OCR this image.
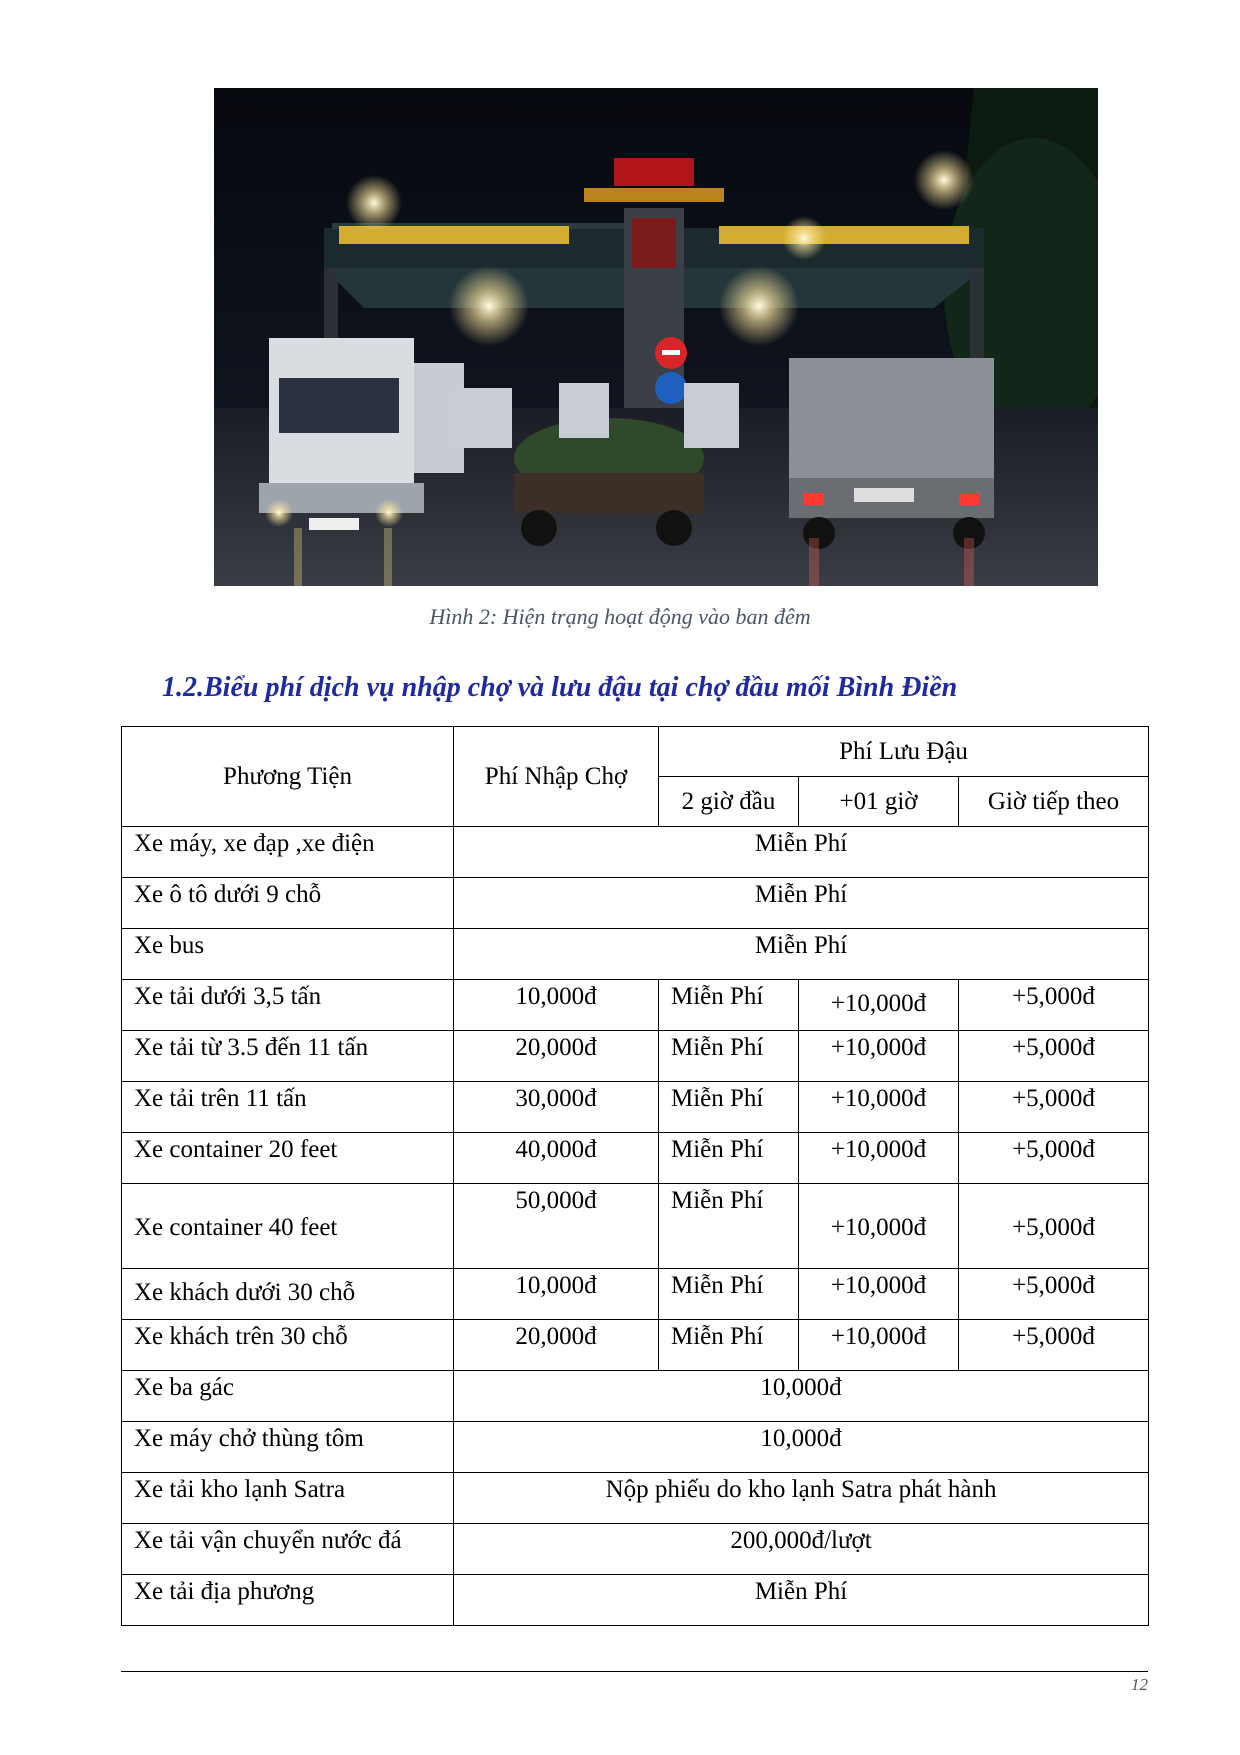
Hình 2: Hiện trạng hoạt động vào ban đêm
1.2.Biểu phí dịch vụ nhập chợ và lưu đậu tại chợ đầu mối Bình Điền
Phương Tiện	Phí Nhập Chợ	Phí Lưu Đậu		
		2 giờ đầu	+01 giờ	Giờ tiếp theo
Xe máy, xe đạp ,xe điện	Miễn Phí			
Xe ô tô dưới 9 chỗ	Miễn Phí			
Xe bus	Miễn Phí			
Xe tải dưới 3,5 tấn	10,000đ	Miễn Phí	+10,000đ	+5,000đ
Xe tải từ 3.5 đến 11 tấn	20,000đ	Miễn Phí	+10,000đ	+5,000đ
Xe tải trên 11 tấn	30,000đ	Miễn Phí	+10,000đ	+5,000đ
Xe container 20 feet	40,000đ	Miễn Phí	+10,000đ	+5,000đ
Xe container 40 feet	50,000đ	Miễn Phí	+10,000đ	+5,000đ
Xe khách dưới 30 chỗ	10,000đ	Miễn Phí	+10,000đ	+5,000đ
Xe khách trên 30 chỗ	20,000đ	Miễn Phí	+10,000đ	+5,000đ
Xe ba gác	10,000đ			
Xe máy chở thùng tôm	10,000đ			
Xe tải kho lạnh Satra	Nộp phiếu do kho lạnh Satra phát hành			
Xe tải vận chuyển nước đá	200,000đ/lượt			
Xe tải địa phương	Miễn Phí			
12
